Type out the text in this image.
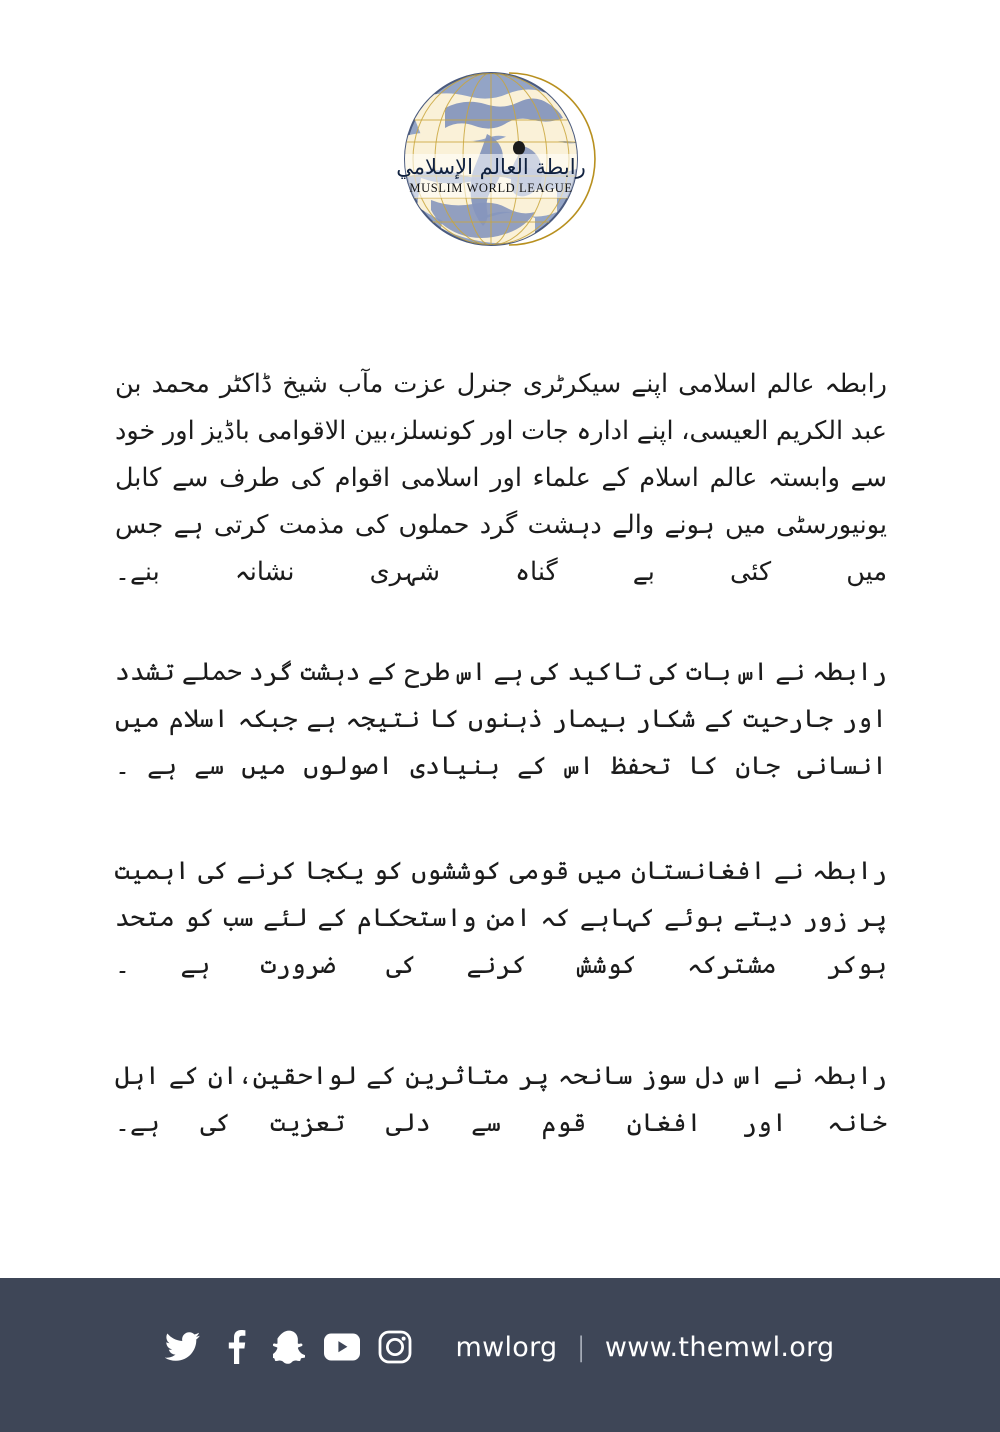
رابطة العالم الإسلامي
MUSLIM WORLD LEAGUE

رابطہ عالم اسلامی اپنے سیکرٹری جنرل عزت مآب شیخ ڈاکٹر محمد بن عبد الکریم العیسی، اپنے ادارہ جات اور کونسلز،بین الاقوامی باڈیز اور خود سے وابستہ عالم اسلام کے علماء اور اسلامی اقوام کی طرف سے کابل یونیورسٹی میں ہونے والے دہشت گرد حملوں کی مذمت کرتی ہے جس میں کئی بے گناہ شہری نشانہ بنے۔

رابطہ نے اس بات کی تاکید کی ہے اس طرح کے دہشت گرد حملے تشدد اور جارحیت کے شکار بیمار ذہنوں کا نتیجہ ہے جبکہ اسلام میں انسانی جان کا تحفظ اس کے بنیادی اصولوں میں سے ہے ۔

رابطہ نے افغانستان میں قومی کوششوں کو یکجا کرنے کی اہمیت پر زور دیتے ہوئے کہاہے کہ امن واستحکام کے لئے سب کو متحد ہوکر مشترکہ کوشش کرنے کی ضرورت ہے ۔

رابطہ نے اس دل سوز سانحہ پر متاثرین کے لواحقین،ان کے اہل خانہ اور افغان قوم سے دلی تعزیت کی ہے۔

mwlorg | www.themwl.org
